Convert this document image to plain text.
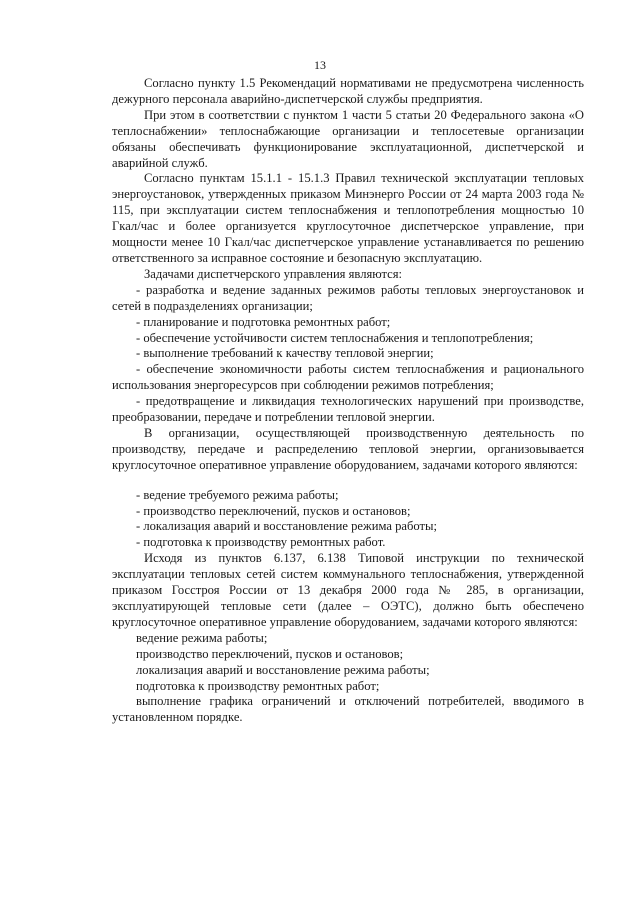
13

Согласно пункту 1.5 Рекомендаций нормативами не предусмотрена численность дежурного персонала аварийно-диспетчерской службы предприятия.

При этом в соответствии с пунктом 1 части 5 статьи 20 Федерального закона «О теплоснабжении» теплоснабжающие организации и теплосетевые организации обязаны обеспечивать функционирование эксплуатационной, диспетчерской и аварийной служб.

Согласно пунктам 15.1.1 - 15.1.3 Правил технической эксплуатации тепловых энергоустановок, утвержденных приказом Минэнерго России от 24 марта 2003 года № 115, при эксплуатации систем теплоснабжения и теплопотребления мощностью 10 Гкал/час и более организуется круглосуточное диспетчерское управление, при мощности менее 10 Гкал/час диспетчерское управление устанавливается по решению ответственного за исправное состояние и безопасную эксплуатацию.

Задачами диспетчерского управления являются:

- разработка и ведение заданных режимов работы тепловых энергоустановок и сетей в подразделениях организации;

- планирование и подготовка ремонтных работ;

- обеспечение устойчивости систем теплоснабжения и теплопотребления;

- выполнение требований к качеству тепловой энергии;

- обеспечение экономичности работы систем теплоснабжения и рационального использования энергоресурсов при соблюдении режимов потребления;

- предотвращение и ликвидация технологических нарушений при производстве, преобразовании, передаче и потреблении тепловой энергии.

В организации, осуществляющей производственную деятельность по производству, передаче и распределению тепловой энергии, организовывается круглосуточное оперативное управление оборудованием, задачами которого являются:

- ведение требуемого режима работы;

- производство переключений, пусков и остановов;

- локализация аварий и восстановление режима работы;

- подготовка к производству ремонтных работ.

Исходя из пунктов 6.137, 6.138 Типовой инструкции по технической эксплуатации тепловых сетей систем коммунального теплоснабжения, утвержденной приказом Госстроя России от 13 декабря 2000 года № 285, в организации, эксплуатирующей тепловые сети (далее – ОЭТС), должно быть обеспечено круглосуточное оперативное управление оборудованием, задачами которого являются:

ведение режима работы;

производство переключений, пусков и остановов;

локализация аварий и восстановление режима работы;

подготовка к производству ремонтных работ;

выполнение графика ограничений и отключений потребителей, вводимого в установленном порядке.
